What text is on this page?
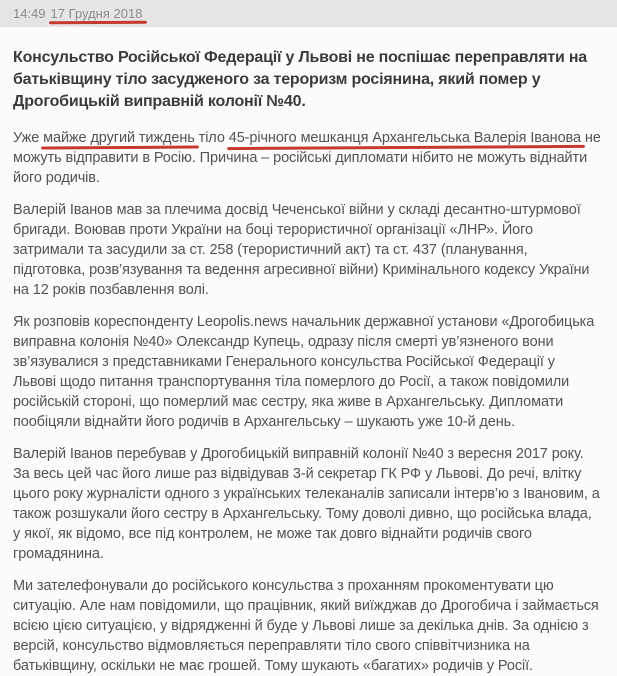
14:49 17 Грудня 2018
Консульство Російської Федерації у Львові не поспішає переправляти на батьківщину тіло засудженого за тероризм росіянина, який помер у Дрогобицькій виправній колонії №40.

Уже майже другий тиждень тіло 45-річного мешканця Архангельська Валерія Іванова не можуть відправити в Росію. Причина – російські дипломати нібито не можуть віднайти його родичів.

Валерій Іванов мав за плечима досвід Чеченської війни у складі десантно-штурмової бригади. Воював проти України на боці терористичної організації «ЛНР». Його затримали та засудили за ст. 258 (терористичний акт) та ст. 437 (планування, підготовка, розв’язування та ведення агресивної війни) Кримінального кодексу України на 12 років позбавлення волі.

Як розповів кореспонденту Leopolis.news начальник державної установи «Дрогобицька виправна колонія №40» Олександр Купець, одразу після смерті ув’язненого вони зв’язувалися з представниками Генерального консульства Російської Федерації у Львові щодо питання транспортування тіла померлого до Росії, а також повідомили російській стороні, що померлий має сестру, яка живе в Архангельську. Дипломати пообіцяли віднайти його родичів в Архангельську – шукають уже 10-й день.

Валерій Іванов перебував у Дрогобицькій виправній колонії №40 з вересня 2017 року. За весь цей час його лише раз відвідував 3-й секретар ГК РФ у Львові. До речі, влітку цього року журналісти одного з українських телеканалів записали інтерв’ю з Івановим, а також розшукали його сестру в Архангельську. Тому доволі дивно, що російська влада, у якої, як відомо, все під контролем, не може так довго віднайти родичів свого громадянина.

Ми зателефонували до російського консульства з проханням прокоментувати цю ситуацію. Але нам повідомили, що працівник, який виїжджав до Дрогобича і займається всією цією ситуацією, у відрядженні й буде у Львові лише за декілька днів. За однією з версій, консульство відмовляється переправляти тіло свого співвітчизника на батьківщину, оскільки не має грошей. Тому шукають «багатих» родичів у Росії.
